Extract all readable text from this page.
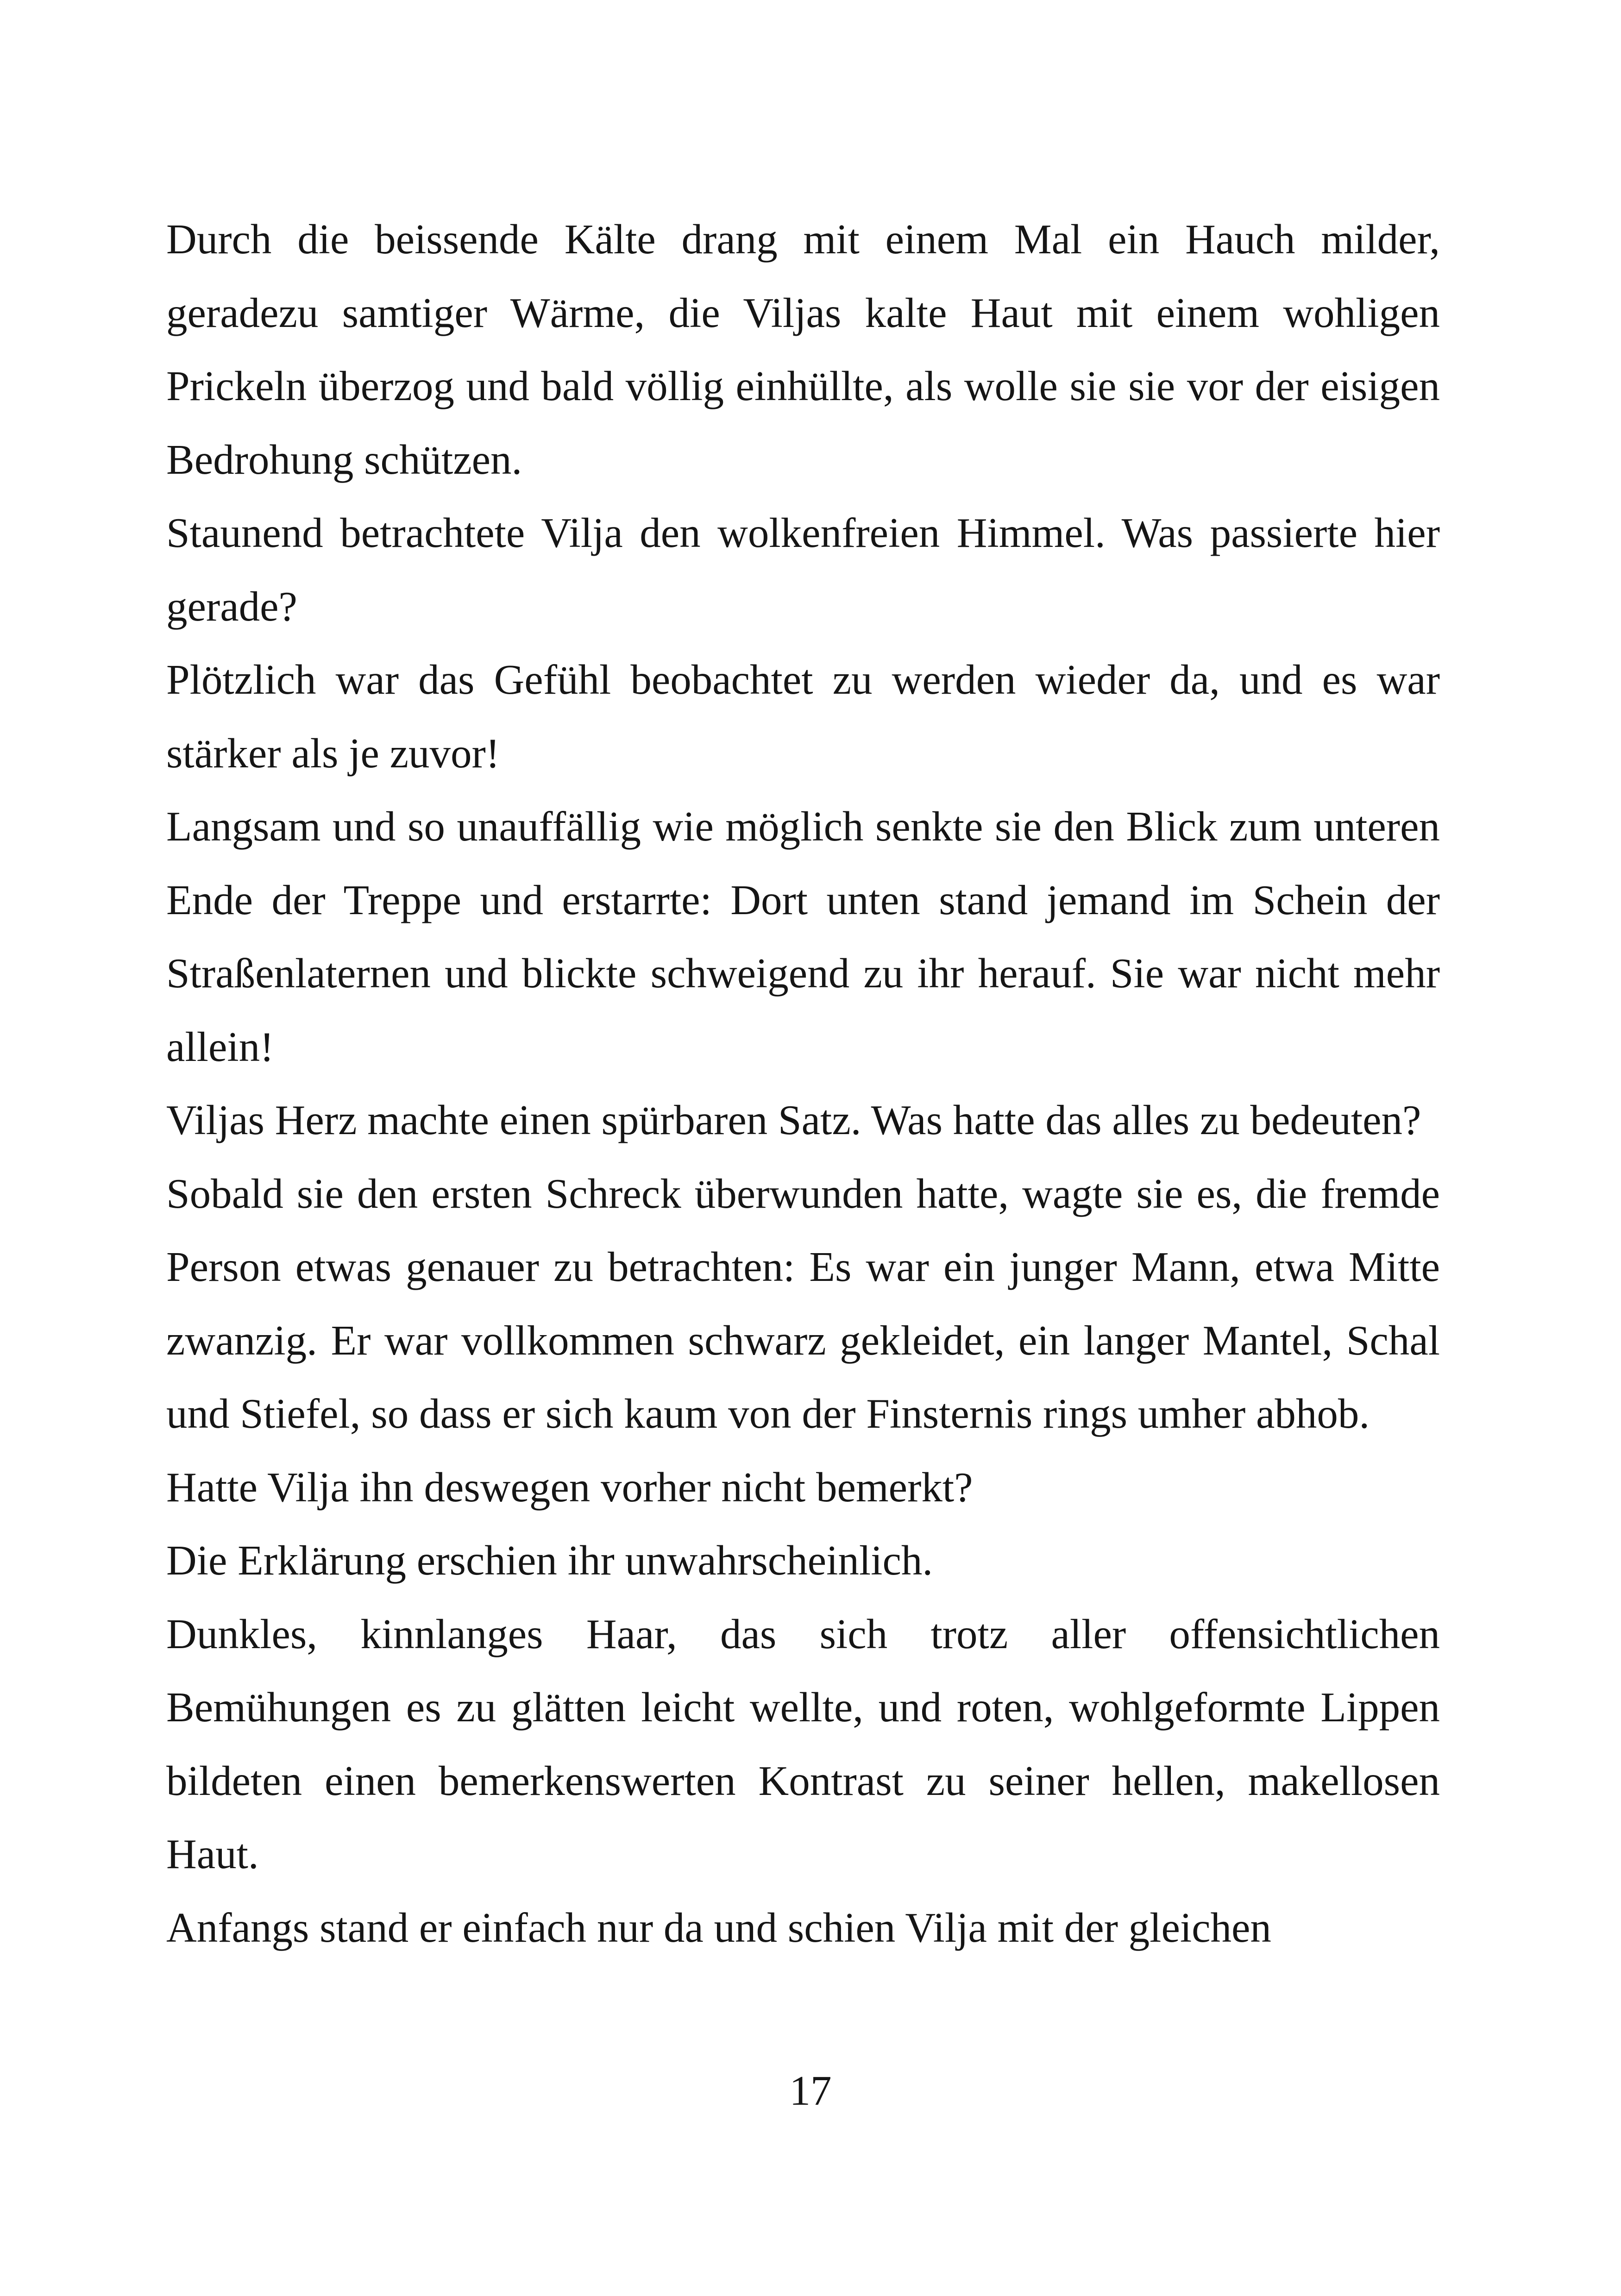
Durch die beissende Kälte drang mit einem Mal ein Hauch milder, geradezu samtiger Wärme, die Viljas kalte Haut mit einem wohligen Prickeln überzog und bald völlig einhüllte, als wolle sie sie vor der eisigen Bedrohung schützen.

Staunend betrachtete Vilja den wolkenfreien Himmel. Was passierte hier gerade?

Plötzlich war das Gefühl beobachtet zu werden wieder da, und es war stärker als je zuvor!

Langsam und so unauffällig wie möglich senkte sie den Blick zum unteren Ende der Treppe und erstarrte: Dort unten stand jemand im Schein der Straßenlaternen und blickte schweigend zu ihr herauf. Sie war nicht mehr allein!

Viljas Herz machte einen spürbaren Satz. Was hatte das alles zu bedeuten?

Sobald sie den ersten Schreck überwunden hatte, wagte sie es, die fremde Person etwas genauer zu betrachten: Es war ein junger Mann, etwa Mitte zwanzig. Er war vollkommen schwarz gekleidet, ein langer Mantel, Schal und Stiefel, so dass er sich kaum von der Finsternis rings umher abhob.

Hatte Vilja ihn deswegen vorher nicht bemerkt?

Die Erklärung erschien ihr unwahrscheinlich.

Dunkles, kinnlanges Haar, das sich trotz aller offensichtlichen Bemühungen es zu glätten leicht wellte, und roten, wohlgeformte Lippen bildeten einen bemerkenswerten Kontrast zu seiner hellen, makellosen Haut.

Anfangs stand er einfach nur da und schien Vilja mit der gleichen

17
